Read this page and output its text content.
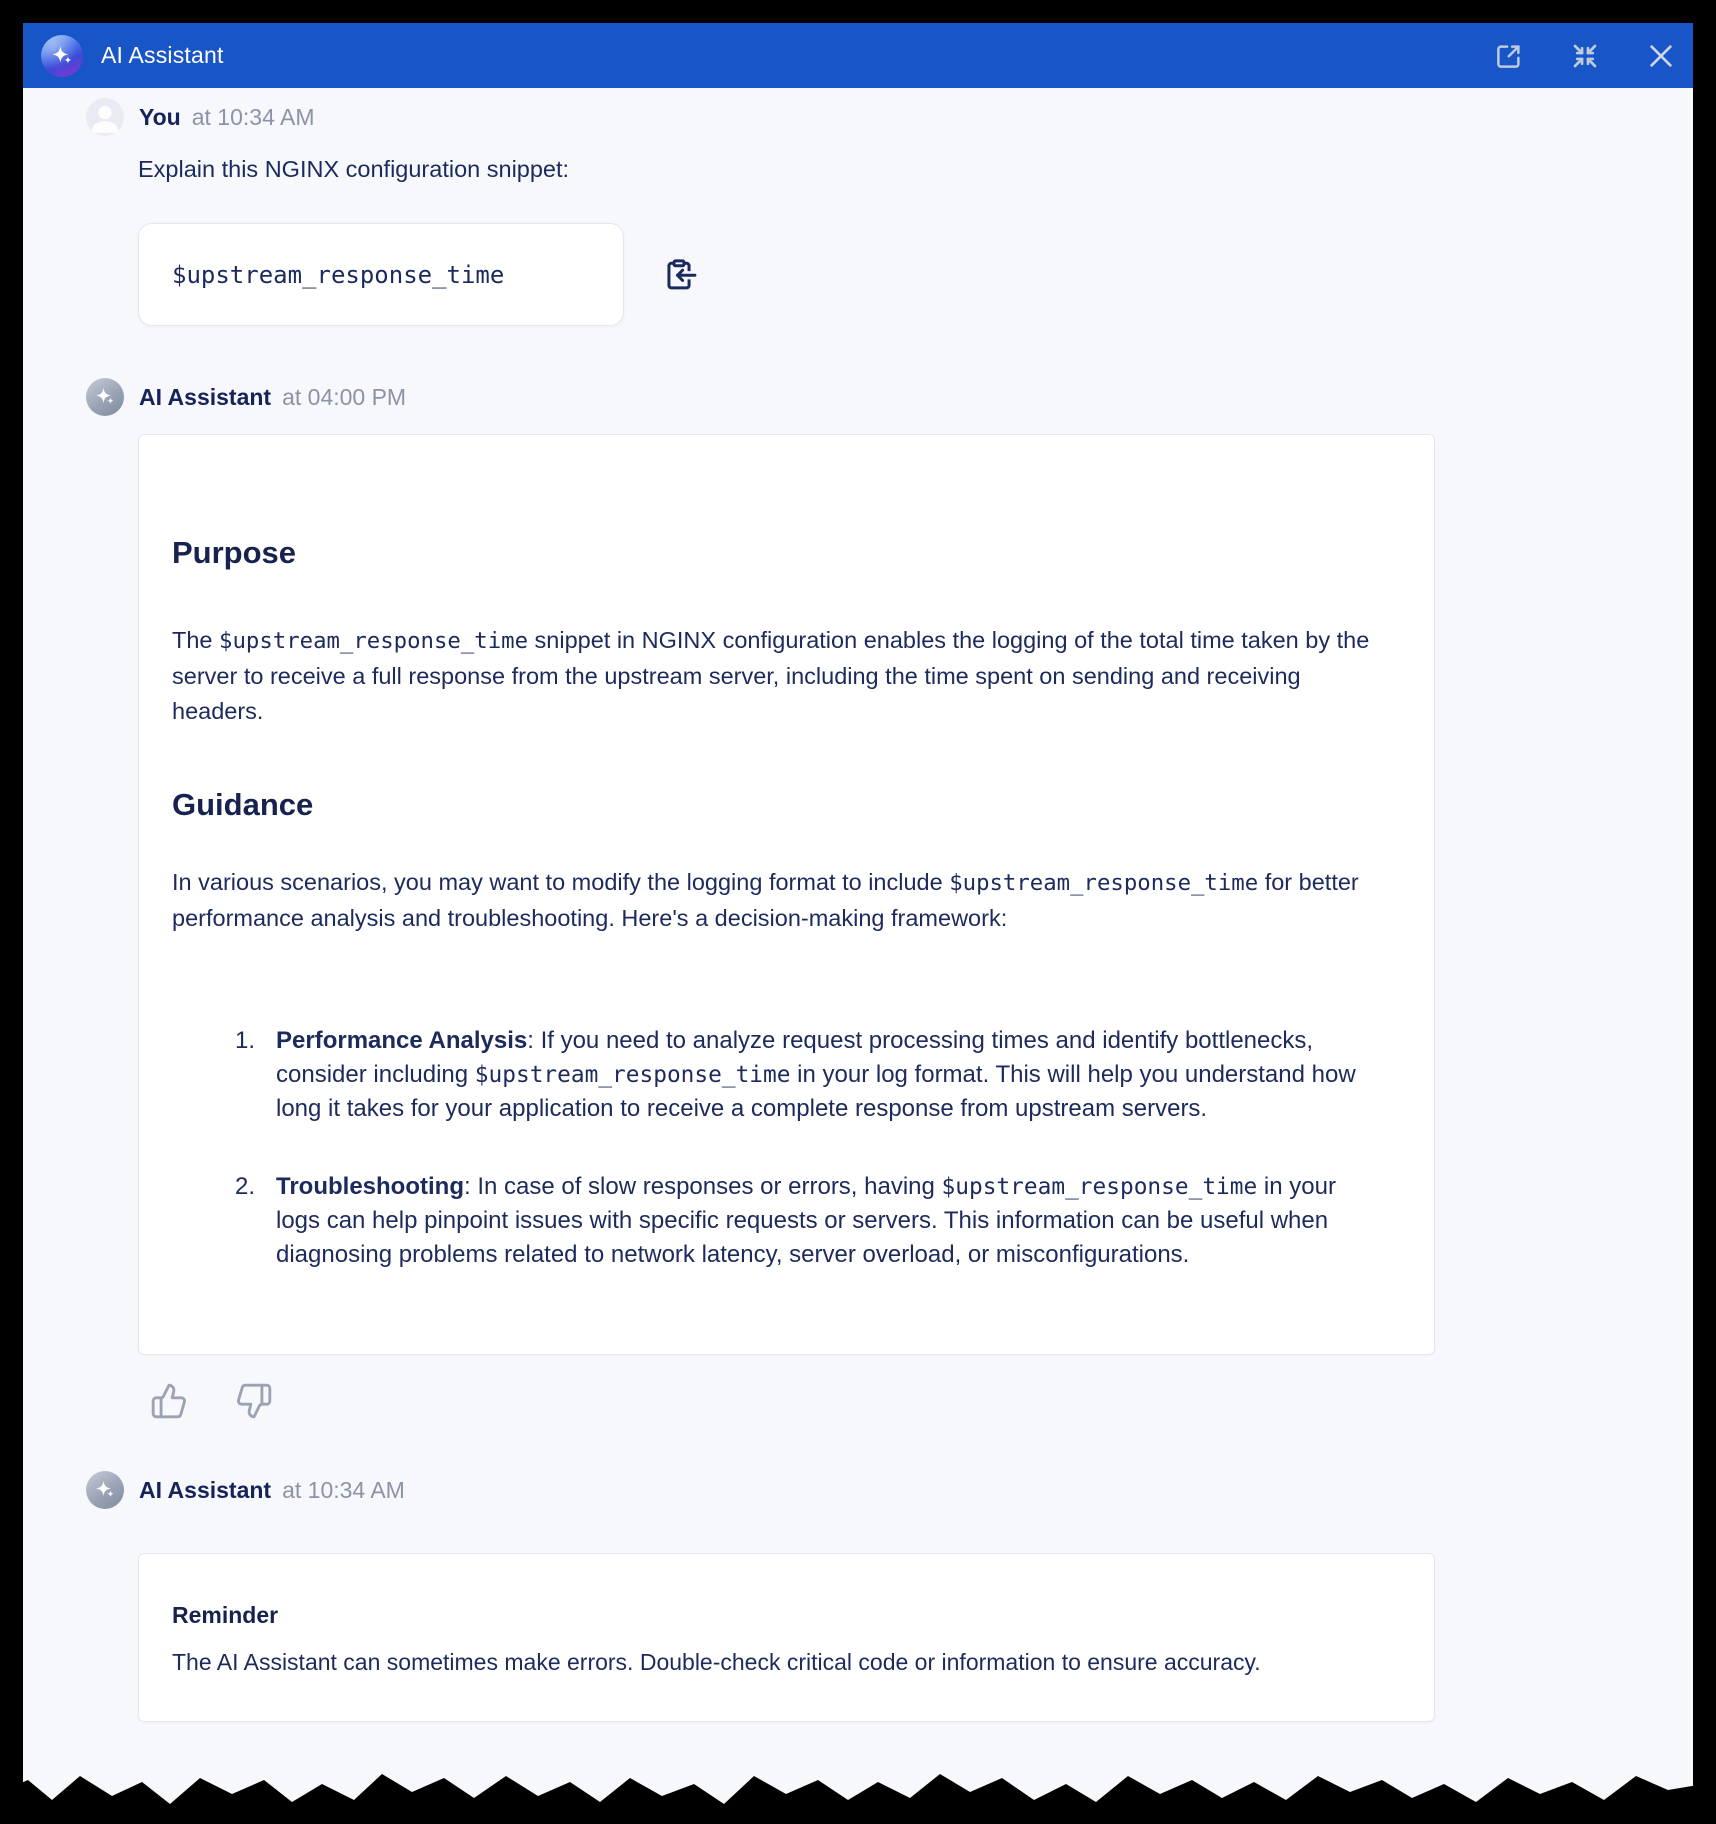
AI Assistant
You at 10:34 AM

Explain this NGINX configuration snippet:

$upstream_response_time
AI Assistant at 04:00 PM
Purpose

The $upstream_response_time snippet in NGINX configuration enables the logging of the total time taken by the server to receive a full response from the upstream server, including the time spent on sending and receiving headers.

Guidance

In various scenarios, you may want to modify the logging format to include $upstream_response_time for better performance analysis and troubleshooting. Here's a decision-making framework:

1. Performance Analysis: If you need to analyze request processing times and identify bottlenecks, consider including $upstream_response_time in your log format. This will help you understand how long it takes for your application to receive a complete response from upstream servers.
2. Troubleshooting: In case of slow responses or errors, having $upstream_response_time in your logs can help pinpoint issues with specific requests or servers. This information can be useful when diagnosing problems related to network latency, server overload, or misconfigurations.
AI Assistant at 10:34 AM
Reminder

The AI Assistant can sometimes make errors. Double-check critical code or information to ensure accuracy.
